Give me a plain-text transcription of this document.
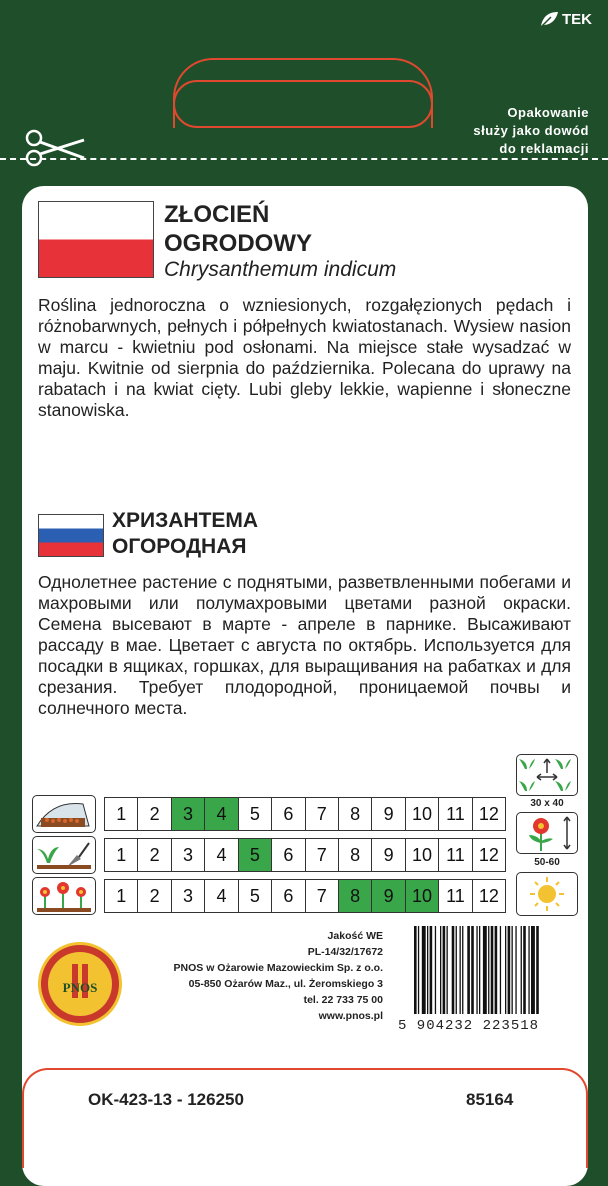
TEK
Opakowanie
służy jako dowód
do reklamacji
ZŁOCIEŃ
OGRODOWY
Chrysanthemum indicum
Roślina jednoroczna o wzniesionych, rozgałęzionych pędach i różnobarwnych, pełnych i półpełnych kwiatostanach. Wysiew nasion w marcu - kwietniu pod osłonami. Na miejsce stałe wysadzać w maju. Kwitnie od sierpnia do października. Polecana do uprawy na rabatach i na kwiat cięty. Lubi gleby lekkie, wapienne i słoneczne stanowiska.
ХРИЗАНТЕМА
ОГОРОДНАЯ
Однолетнее растение с поднятыми, разветвленными побегами и махровыми или полумахровыми цветами разной окраски. Семена высевают в марте - апреле в парнике. Высаживают рассаду в мае. Цветает с августа по октябрь. Используется для посадки в ящиках, горшках, для выращивания на рабатках и для срезания. Требует плодородной, проницаемой почвы и солнечного места.
1	2	3	4	5	6	7	8	9	10 11 12
1	2	3	4	5	6	7	8	9	10 11 12
1	2	3	4	5	6	7	8	9	10 11 12
30 x 40
50-60
PNOS
Jakość WE
PL-14/32/17672
PNOS w Ożarowie Mazowieckim Sp. z o.o.
05-850 Ożarów Maz., ul. Żeromskiego 3
tel. 22 733 75 00
www.pnos.pl
5 904232 223518
OK-423-13 - 126250	85164
